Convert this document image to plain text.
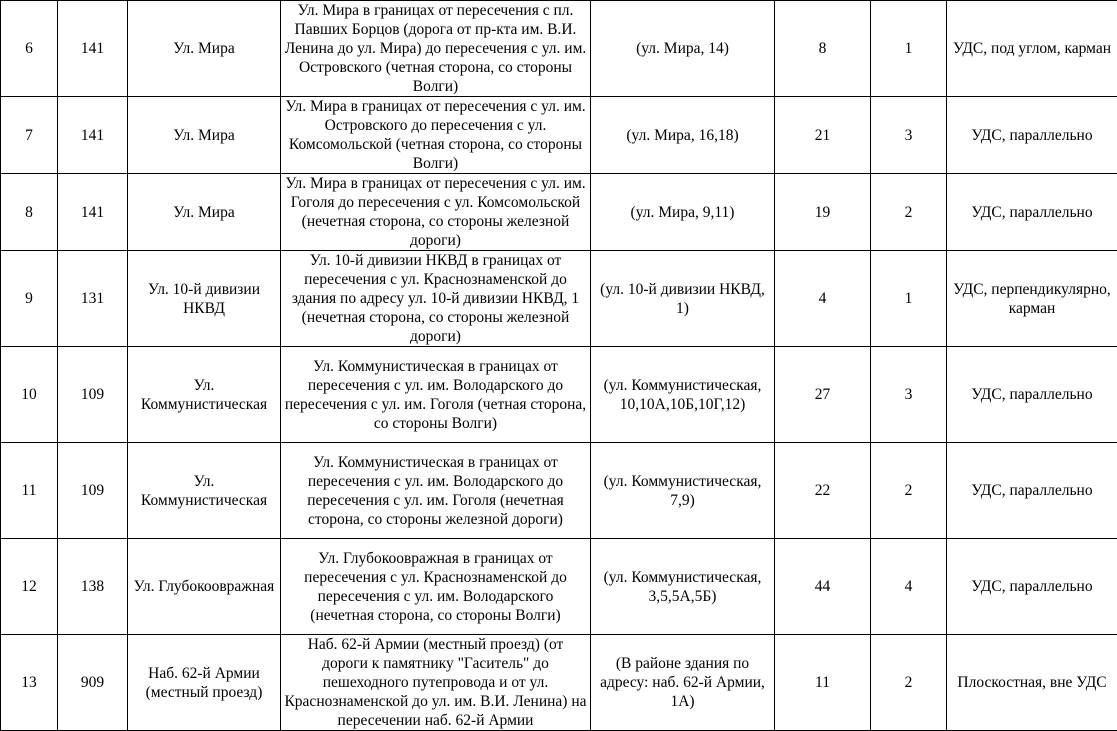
6	141	Ул. Мира	Ул. Мира в границах от пересечения с пл. Павших Борцов (дорога от пр-кта им. В.И. Ленина до ул. Мира) до пересечения с ул. им. Островского (четная сторона, со стороны Волги)	(ул. Мира, 14)	8	1	УДС, под углом, карман
7	141	Ул. Мира	Ул. Мира в границах от пересечения с ул. им. Островского до пересечения с ул. Комсомольской (четная сторона, со стороны Волги)	(ул. Мира, 16,18)	21	3	УДС, параллельно
8	141	Ул. Мира	Ул. Мира в границах от пересечения с ул. им. Гоголя до пересечения с ул. Комсомольской (нечетная сторона, со стороны железной дороги)	(ул. Мира, 9,11)	19	2	УДС, параллельно
9	131	Ул. 10-й дивизии НКВД	Ул. 10-й дивизии НКВД в границах от пересечения с ул. Краснознаменской до здания по адресу ул. 10-й дивизии НКВД, 1 (нечетная сторона, со стороны железной дороги)	(ул. 10-й дивизии НКВД, 1)	4	1	УДС, перпендикулярно, карман
10	109	Ул. Коммунистическая	Ул. Коммунистическая в границах от пересечения с ул. им. Володарского до пересечения с ул. им. Гоголя (четная сторона, со стороны Волги)	(ул. Коммунистическая, 10,10А,10Б,10Г,12)	27	3	УДС, параллельно
11	109	Ул. Коммунистическая	Ул. Коммунистическая в границах от пересечения с ул. им. Володарского до пересечения с ул. им. Гоголя (нечетная сторона, со стороны железной дороги)	(ул. Коммунистическая, 7,9)	22	2	УДС, параллельно
12	138	Ул. Глубокоовражная	Ул. Глубокоовражная в границах от пересечения с ул. Краснознаменской до пересечения с ул. им. Володарского (нечетная сторона, со стороны Волги)	(ул. Коммунистическая, 3,5,5А,5Б)	44	4	УДС, параллельно
13	909	Наб. 62-й Армии (местный проезд)	Наб. 62-й Армии (местный проезд) (от дороги к памятнику "Гаситель" до пешеходного путепровода и от ул. Краснознаменской до ул. им. В.И. Ленина) на пересечении наб. 62-й Армии	(В районе здания по адресу: наб. 62-й Армии, 1А)	11	2	Плоскостная, вне УДС
